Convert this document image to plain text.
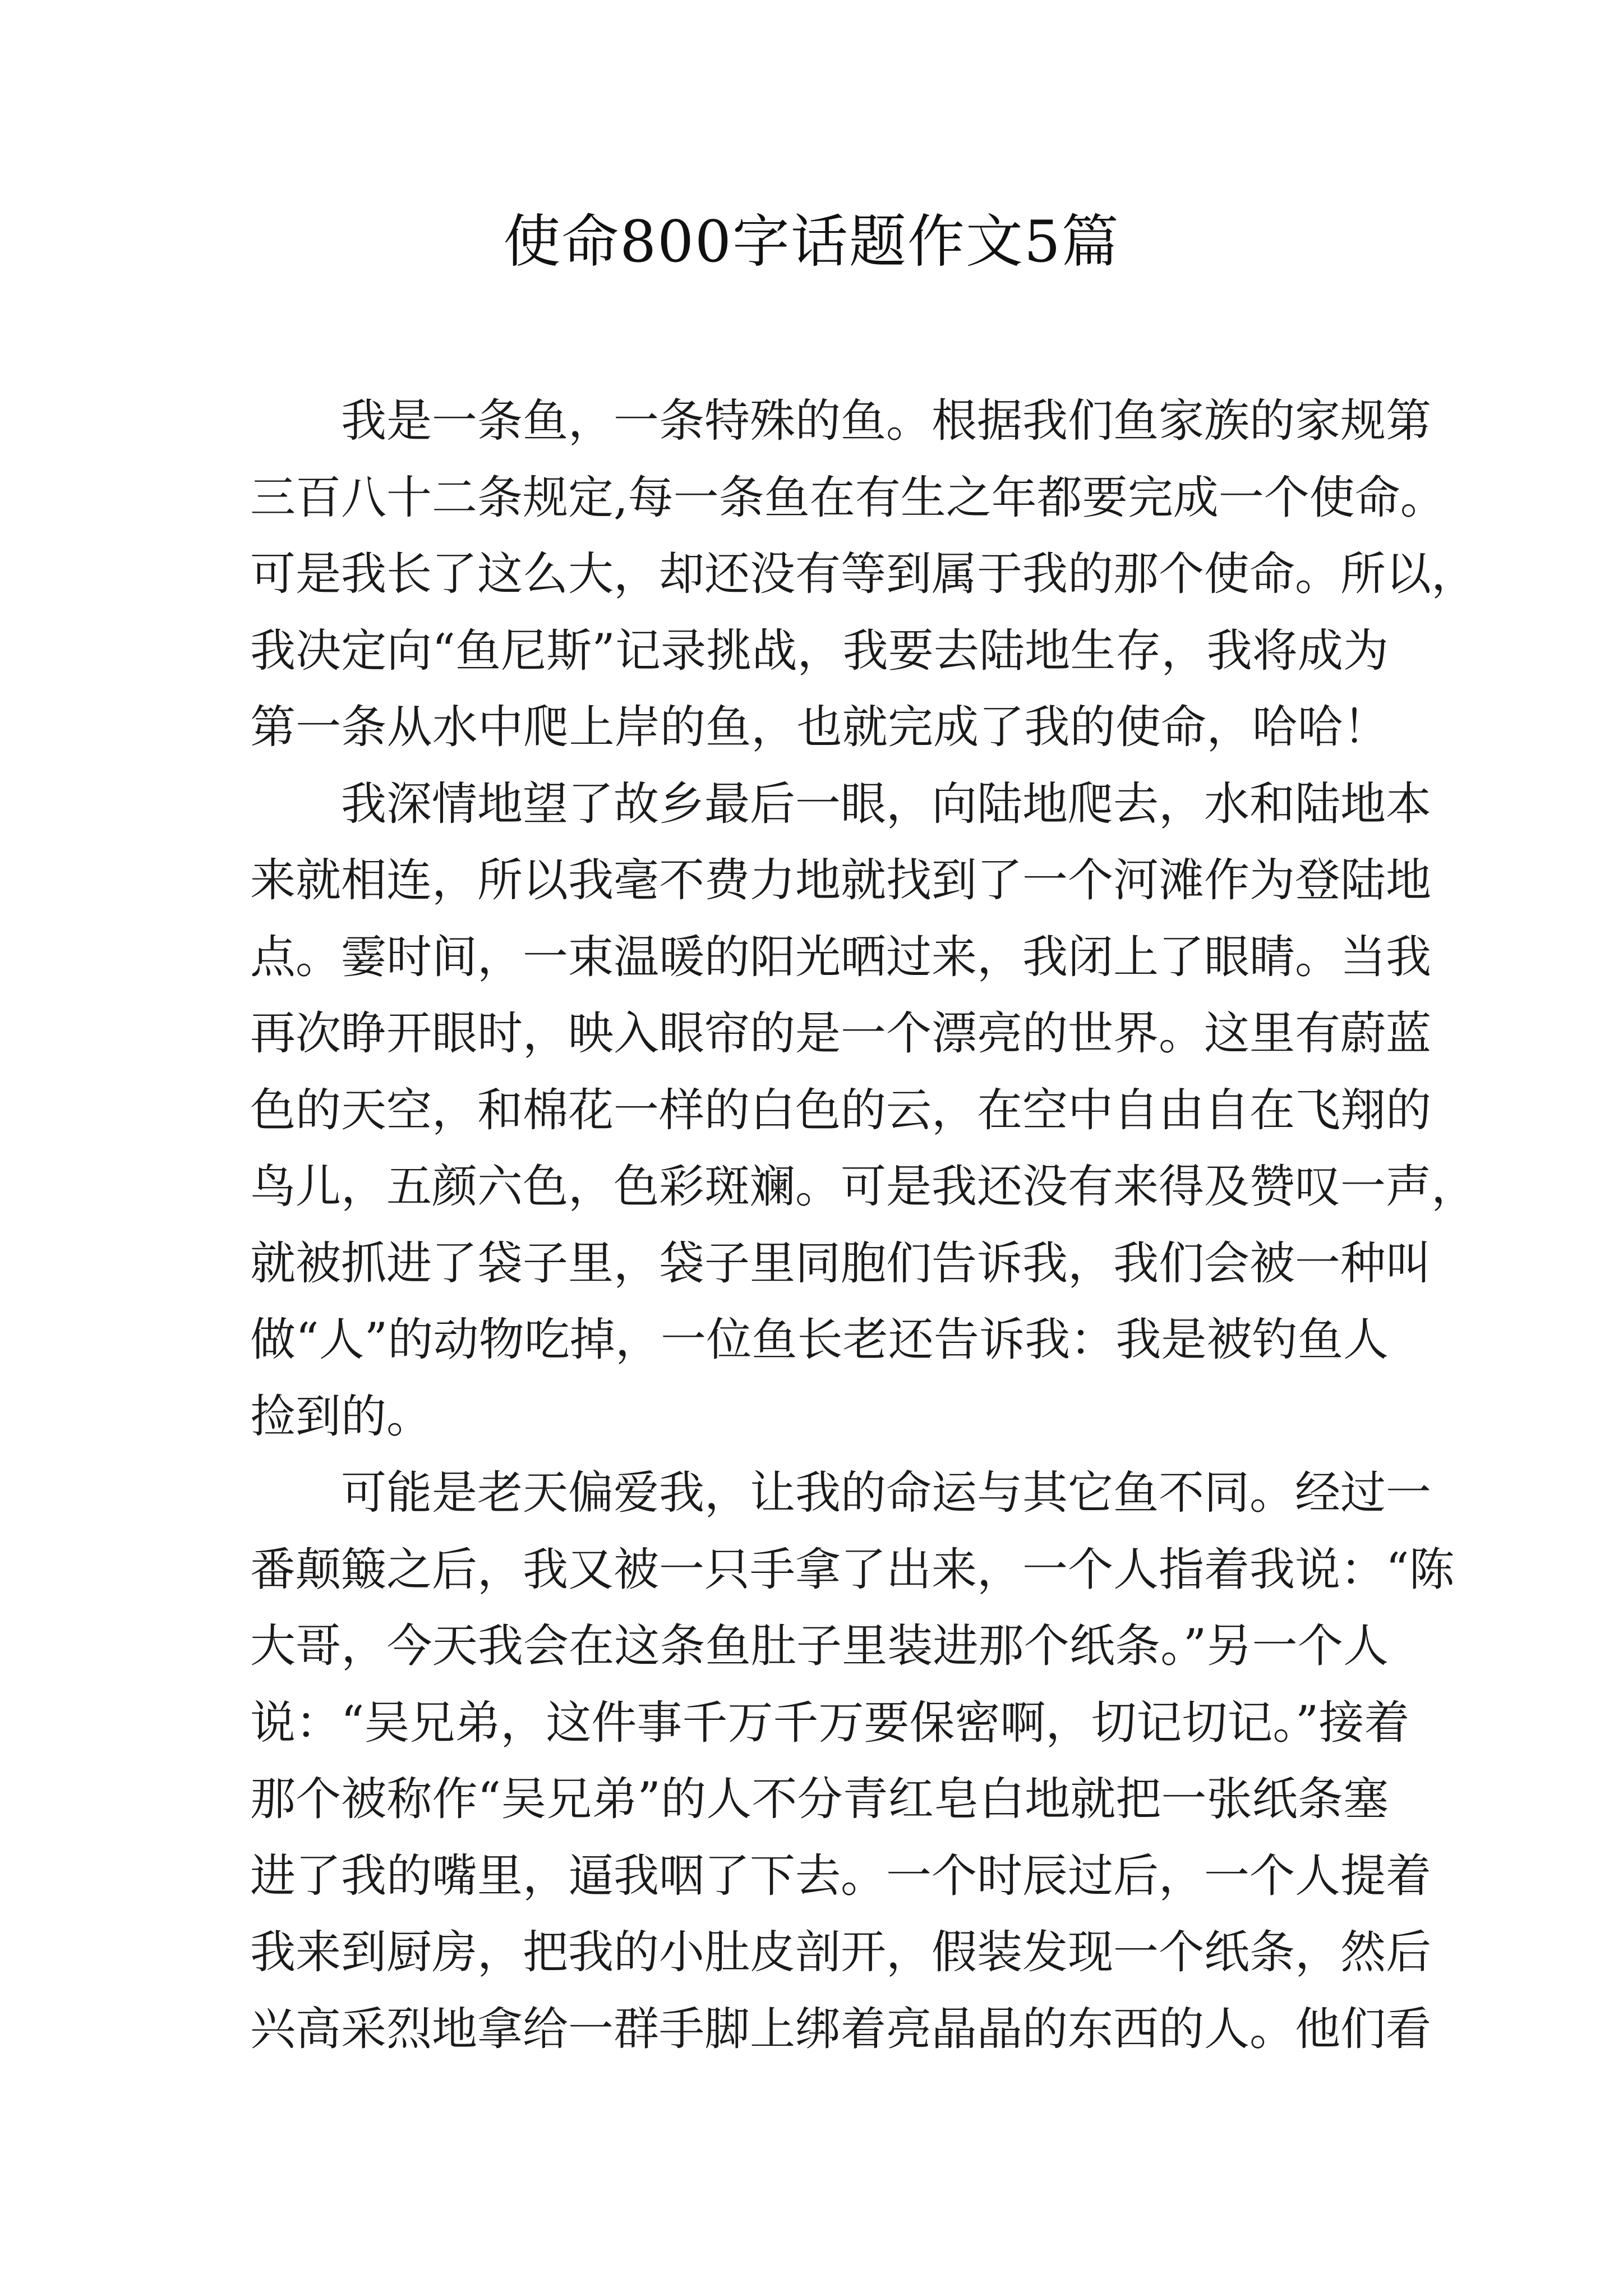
使命800字话题作文5篇
我是一条鱼，一条特殊的鱼。根据我们鱼家族的家规第
三百八十二条规定,每一条鱼在有生之年都要完成一个使命。
可是我长了这么大，却还没有等到属于我的那个使命。所以，
我决定向“鱼尼斯”记录挑战，我要去陆地生存，我将成为
第一条从水中爬上岸的鱼，也就完成了我的使命，哈哈！
我深情地望了故乡最后一眼，向陆地爬去，水和陆地本
来就相连，所以我毫不费力地就找到了一个河滩作为登陆地
点。霎时间，一束温暖的阳光晒过来，我闭上了眼睛。当我
再次睁开眼时，映入眼帘的是一个漂亮的世界。这里有蔚蓝
色的天空，和棉花一样的白色的云，在空中自由自在飞翔的
鸟儿，五颜六色，色彩斑斓。可是我还没有来得及赞叹一声，
就被抓进了袋子里，袋子里同胞们告诉我，我们会被一种叫
做“人”的动物吃掉，一位鱼长老还告诉我：我是被钓鱼人
捡到的。
可能是老天偏爱我，让我的命运与其它鱼不同。经过一
番颠簸之后，我又被一只手拿了出来，一个人指着我说：“陈
大哥，今天我会在这条鱼肚子里装进那个纸条。”另一个人
说：“吴兄弟，这件事千万千万要保密啊，切记切记。”接着
那个被称作“吴兄弟”的人不分青红皂白地就把一张纸条塞
进了我的嘴里，逼我咽了下去。一个时辰过后，一个人提着
我来到厨房，把我的小肚皮剖开，假装发现一个纸条，然后
兴高采烈地拿给一群手脚上绑着亮晶晶的东西的人。他们看
